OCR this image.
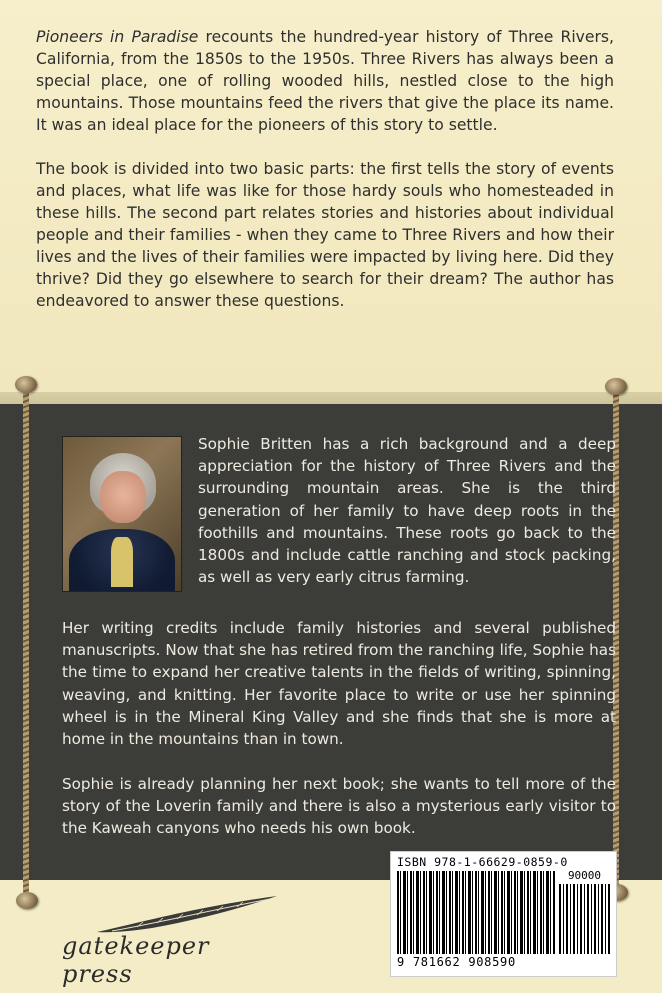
Pioneers in Paradise recounts the hundred-year history of Three Rivers, California, from the 1850s to the 1950s. Three Rivers has always been a special place, one of rolling wooded hills, nestled close to the high mountains. Those mountains feed the rivers that give the place its name. It was an ideal place for the pioneers of this story to settle.

The book is divided into two basic parts: the first tells the story of events and places, what life was like for those hardy souls who homesteaded in these hills. The second part relates stories and histories about individual people and their families - when they came to Three Rivers and how their lives and the lives of their families were impacted by living here. Did they thrive? Did they go elsewhere to search for their dream? The author has endeavored to answer these questions.

Sophie Britten has a rich background and a deep appreciation for the history of Three Rivers and the surrounding mountain areas. She is the third generation of her family to have deep roots in the foothills and mountains. These roots go back to the 1800s and include cattle ranching and stock packing, as well as very early citrus farming.

Her writing credits include family histories and several published manuscripts. Now that she has retired from the ranching life, Sophie has the time to expand her creative talents in the fields of writing, spinning, weaving, and knitting. Her favorite place to write or use her spinning wheel is in the Mineral King Valley and she finds that she is more at home in the mountains than in town.

Sophie is already planning her next book; she wants to tell more of the story of the Loverin family and there is also a mysterious early visitor to the Kaweah canyons who needs his own book.

ISBN 978-1-66629-0859-0
90000
9 781662 908590
gatekeeper press
